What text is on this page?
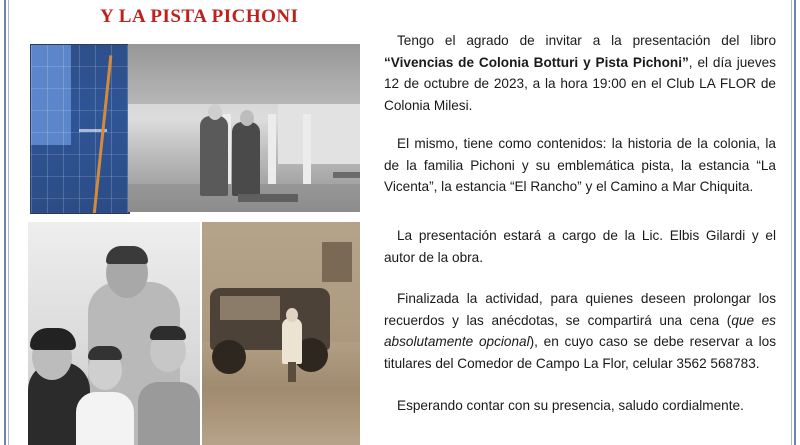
Y LA PISTA PICHONI

Tengo el agrado de invitar a la presentación del libro “Vivencias de Colonia Botturi y Pista Pichoni”, el día jueves 12 de octubre de 2023, a la hora 19:00 en el Club LA FLOR de Colonia Milesi.

El mismo, tiene como contenidos: la historia de la colonia, la de la familia Pichoni y su emblemática pista, la estancia “La Vicenta”, la estancia “El Rancho” y el Camino a Mar Chiquita.

La presentación estará a cargo de la Lic. Elbis Gilardi y el autor de la obra.

Finalizada la actividad, para quienes deseen prolongar los recuerdos y las anécdotas, se compartirá una cena (que es absolutamente opcional), en cuyo caso se debe reservar a los titulares del Comedor de Campo La Flor, celular 3562 568783.

Esperando contar con su presencia, saludo cordialmente.
